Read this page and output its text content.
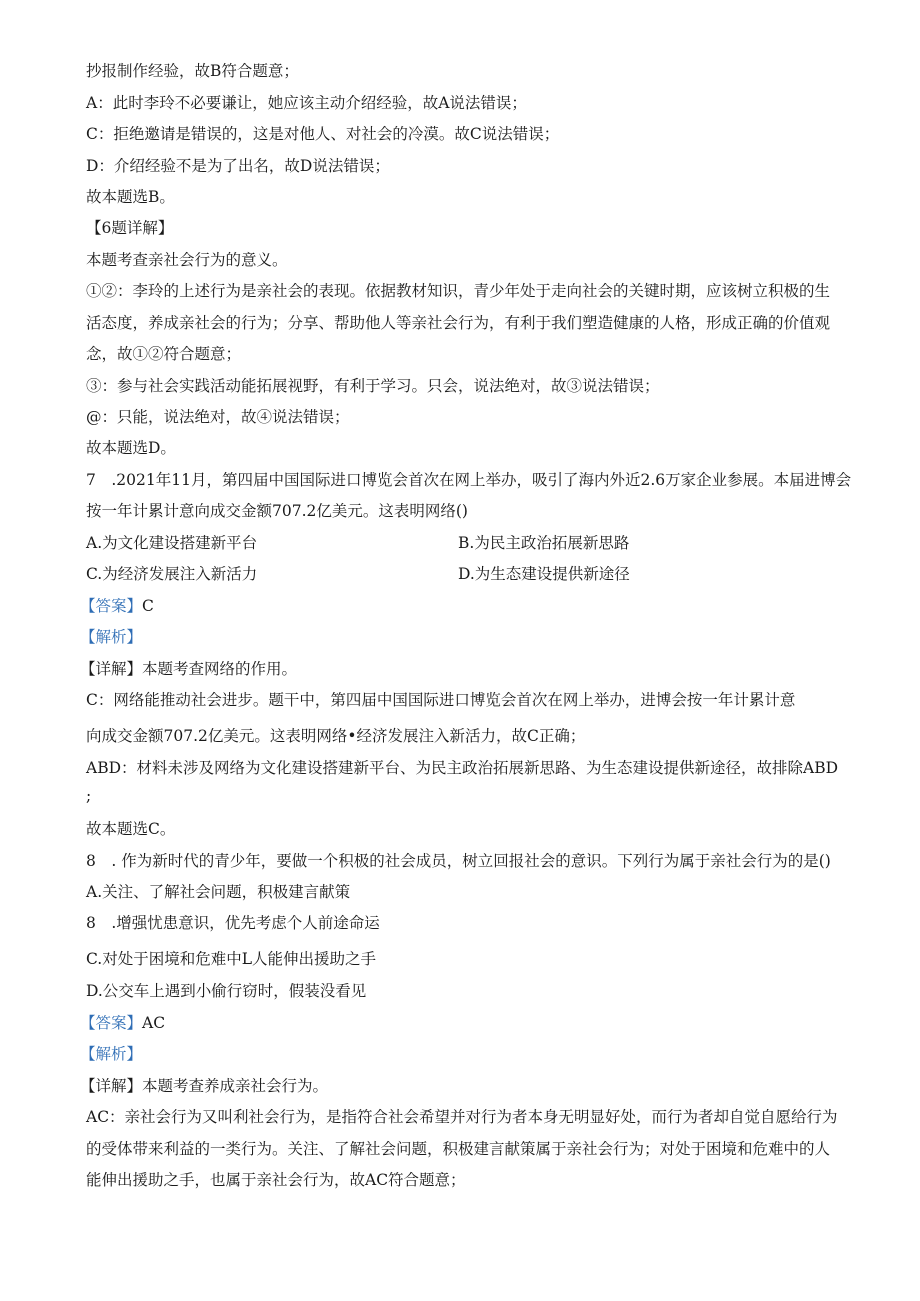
抄报制作经验，故B符合题意；
A：此时李玲不必要谦让，她应该主动介绍经验，故A说法错误；
C：拒绝邀请是错误的，这是对他人、对社会的冷漠。故C说法错误；
D：介绍经验不是为了出名，故D说法错误；
故本题选B。
【6题详解】
本题考查亲社会行为的意义。
①②：李玲的上述行为是亲社会的表现。依据教材知识，青少年处于走向社会的关键时期，应该树立积极的生
活态度，养成亲社会的行为；分享、帮助他人等亲社会行为，有利于我们塑造健康的人格，形成正确的价值观
念，故①②符合题意；
③：参与社会实践活动能拓展视野，有利于学习。只会，说法绝对，故③说法错误；
@：只能，说法绝对，故④说法错误；
故本题选D。
7　.2021年11月，第四届中国国际进口博览会首次在网上举办，吸引了海内外近2.6万家企业参展。本届进博会
按一年计累计意向成交金额707.2亿美元。这表明网络()
A.为文化建设搭建新平台	B.为民主政治拓展新思路
C.为经济发展注入新活力	D.为生态建设提供新途径
【答案】C
【解析】
【详解】本题考查网络的作用。
C：网络能推动社会进步。题干中，第四届中国国际进口博览会首次在网上举办，进博会按一年计累计意
向成交金额707.2亿美元。这表明网络•经济发展注入新活力，故C正确；
ABD：材料未涉及网络为文化建设搭建新平台、为民主政治拓展新思路、为生态建设提供新途径，故排除ABD
;
故本题选C。
8　. 作为新时代的青少年，要做一个积极的社会成员，树立回报社会的意识。下列行为属于亲社会行为的是()
A.关注、了解社会问题，积极建言献策
8　.增强忧患意识，优先考虑个人前途命运
C.对处于困境和危难中L人能伸出援助之手
D.公交车上遇到小偷行窃时，假装没看见
【答案】AC
【解析】
【详解】本题考查养成亲社会行为。
AC：亲社会行为又叫利社会行为，是指符合社会希望并对行为者本身无明显好处，而行为者却自觉自愿给行为
的受体带来利益的一类行为。关注、了解社会问题，积极建言献策属于亲社会行为；对处于困境和危难中的人
能伸出援助之手，也属于亲社会行为，故AC符合题意；
